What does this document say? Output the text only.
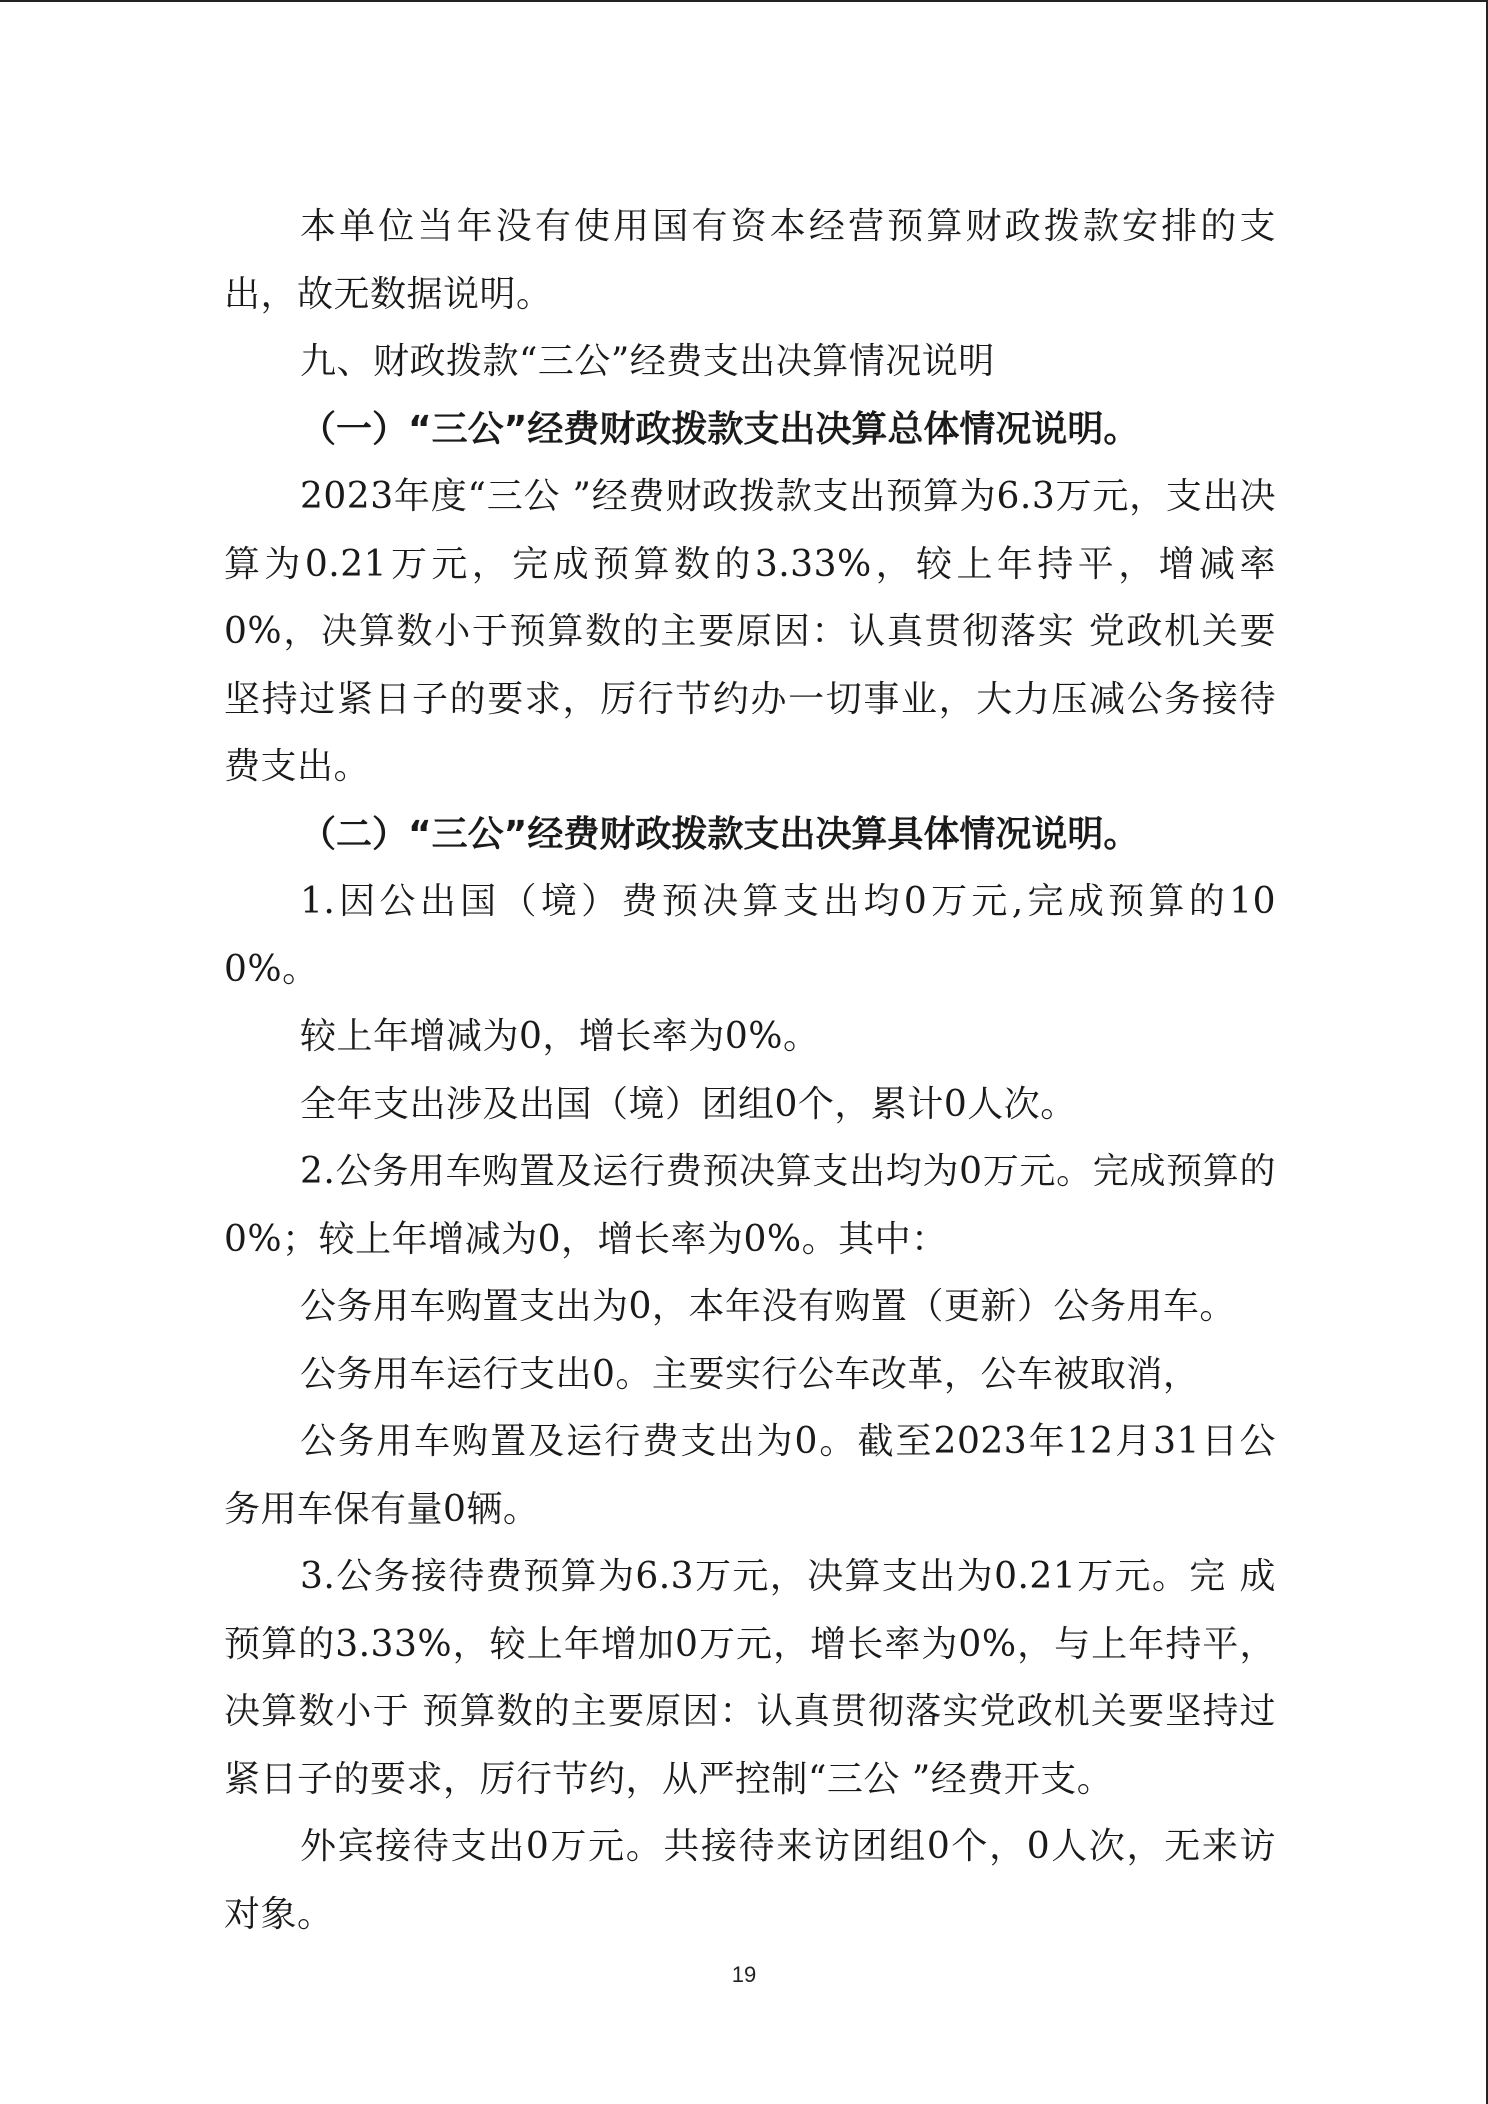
本单位当年没有使用国有资本经营预算财政拨款安排的支出，故无数据说明。

九、财政拨款“三公”经费支出决算情况说明

（一）“三公”经费财政拨款支出决算总体情况说明。

2023年度“三公 ”经费财政拨款支出预算为6.3万元，支出决算为0.21万元，完成预算数的3.33%，较上年持平，增减率0%，决算数小于预算数的主要原因：认真贯彻落实 党政机关要坚持过紧日子的要求，厉行节约办一切事业，大力压减公务接待费支出。

（二）“三公”经费财政拨款支出决算具体情况说明。

1.因公出国（境）费预决算支出均0万元,完成预算的100%。

较上年增减为0，增长率为0%。

全年支出涉及出国（境）团组0个，累计0人次。

2.公务用车购置及运行费预决算支出均为0万元。完成预算的0%；较上年增减为0，增长率为0%。其中：

公务用车购置支出为0，本年没有购置（更新）公务用车。

公务用车运行支出0。主要实行公车改革，公车被取消，

公务用车购置及运行费支出为0。截至2023年12月31日公务用车保有量0辆。

3.公务接待费预算为6.3万元，决算支出为0.21万元。完 成预算的3.33%，较上年增加0万元，增长率为0%，与上年持平，决算数小于 预算数的主要原因：认真贯彻落实党政机关要坚持过紧日子的要求，厉行节约，从严控制“三公 ”经费开支。

外宾接待支出0万元。共接待来访团组0个，0人次，无来访对象。

19
